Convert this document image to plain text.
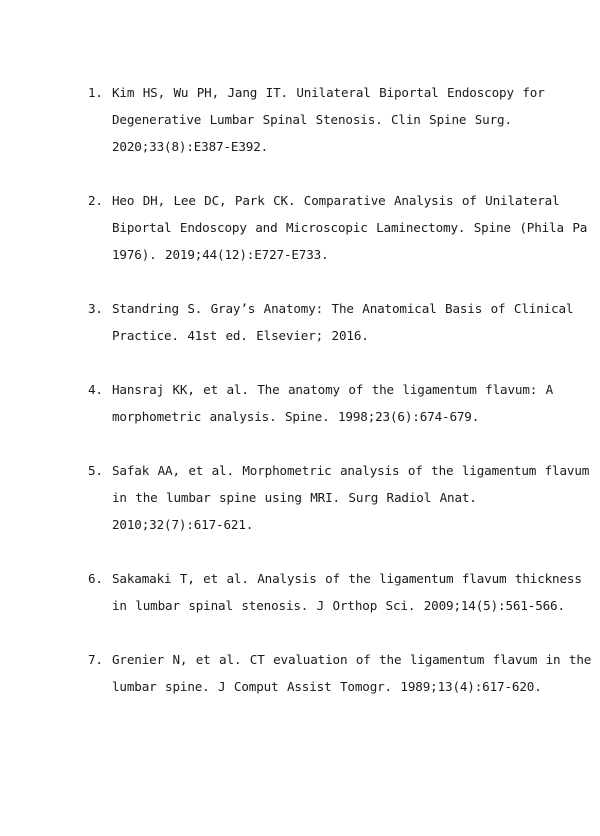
1. Kim HS, Wu PH, Jang IT. Unilateral Biportal Endoscopy for
Degenerative Lumbar Spinal Stenosis. Clin Spine Surg.
2020;33(8):E387-E392.
2. Heo DH, Lee DC, Park CK. Comparative Analysis of Unilateral
Biportal Endoscopy and Microscopic Laminectomy. Spine (Phila Pa
1976). 2019;44(12):E727-E733.
3. Standring S. Gray’s Anatomy: The Anatomical Basis of Clinical
Practice. 41st ed. Elsevier; 2016.
4. Hansraj KK, et al. The anatomy of the ligamentum flavum: A
morphometric analysis. Spine. 1998;23(6):674-679.
5. Safak AA, et al. Morphometric analysis of the ligamentum flavum
in the lumbar spine using MRI. Surg Radiol Anat.
2010;32(7):617-621.
6. Sakamaki T, et al. Analysis of the ligamentum flavum thickness
in lumbar spinal stenosis. J Orthop Sci. 2009;14(5):561-566.
7. Grenier N, et al. CT evaluation of the ligamentum flavum in the
lumbar spine. J Comput Assist Tomogr. 1989;13(4):617-620.
